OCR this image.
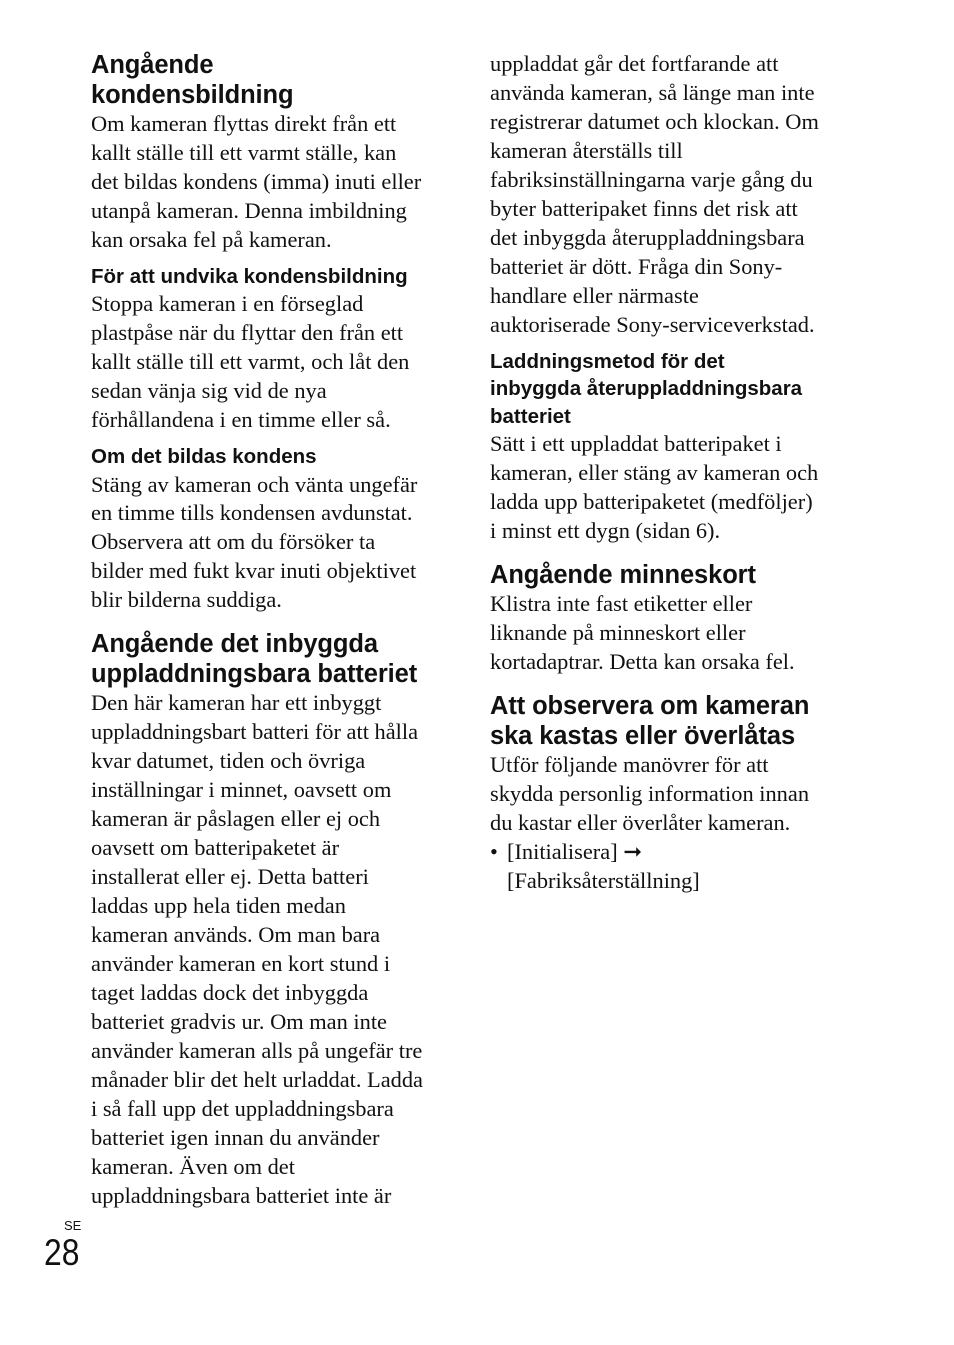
Angående
kondensbildning

Om kameran flyttas direkt från ett
kallt ställe till ett varmt ställe, kan
det bildas kondens (imma) inuti eller
utanpå kameran. Denna imbildning
kan orsaka fel på kameran.

För att undvika kondensbildning

Stoppa kameran i en förseglad
plastpåse när du flyttar den från ett
kallt ställe till ett varmt, och låt den
sedan vänja sig vid de nya
förhållandena i en timme eller så.

Om det bildas kondens

Stäng av kameran och vänta ungefär
en timme tills kondensen avdunstat.
Observera att om du försöker ta
bilder med fukt kvar inuti objektivet
blir bilderna suddiga.

Angående det inbyggda
uppladdningsbara batteriet

Den här kameran har ett inbyggt
uppladdningsbart batteri för att hålla
kvar datumet, tiden och övriga
inställningar i minnet, oavsett om
kameran är påslagen eller ej och
oavsett om batteripaketet är
installerat eller ej. Detta batteri
laddas upp hela tiden medan
kameran används. Om man bara
använder kameran en kort stund i
taget laddas dock det inbyggda
batteriet gradvis ur. Om man inte
använder kameran alls på ungefär tre
månader blir det helt urladdat. Ladda
i så fall upp det uppladdningsbara
batteriet igen innan du använder
kameran. Även om det
uppladdningsbara batteriet inte är

uppladdat går det fortfarande att
använda kameran, så länge man inte
registrerar datumet och klockan. Om
kameran återställs till
fabriksinställningarna varje gång du
byter batteripaket finns det risk att
det inbyggda återuppladdningsbara
batteriet är dött. Fråga din Sony-
handlare eller närmaste
auktoriserade Sony-serviceverkstad.

Laddningsmetod för det
inbyggda återuppladdningsbara
batteriet

Sätt i ett uppladdat batteripaket i
kameran, eller stäng av kameran och
ladda upp batteripaketet (medföljer)
i minst ett dygn (sidan 6).

Angående minneskort

Klistra inte fast etiketter eller
liknande på minneskort eller
kortadaptrar. Detta kan orsaka fel.

Att observera om kameran
ska kastas eller överlåtas

Utför följande manövrer för att
skydda personlig information innan
du kastar eller överlåter kameran.

• [Initialisera] ➞
[Fabriksåterställning]
SE
28
